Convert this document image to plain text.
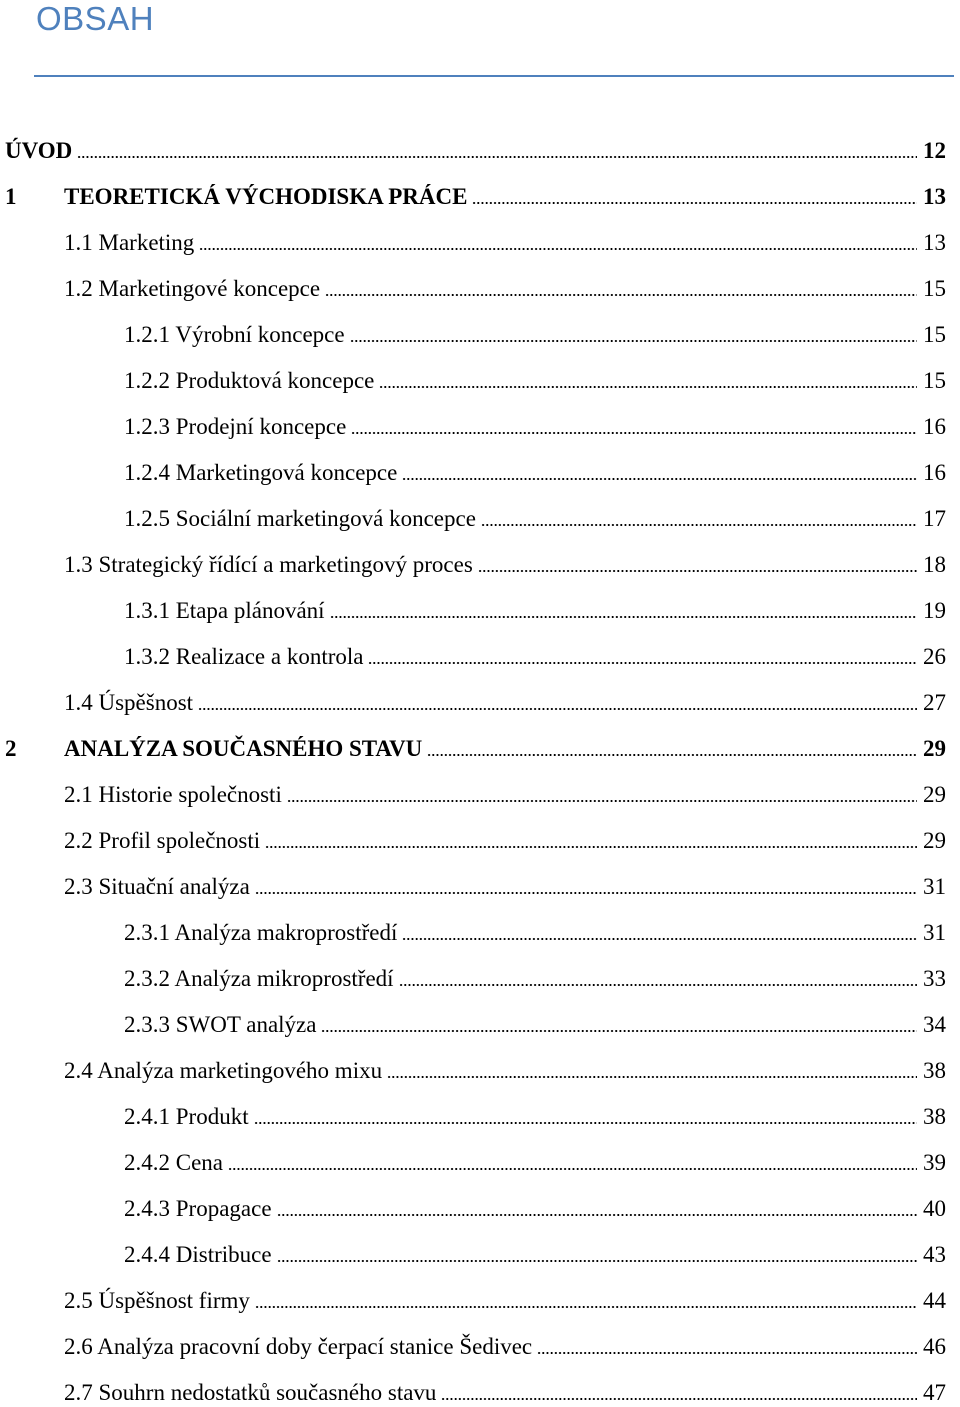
OBSAH
ÚVOD	12
1	TEORETICKÁ VÝCHODISKA PRÁCE	13
1.1 Marketing	13
1.2 Marketingové koncepce	15
1.2.1 Výrobní koncepce	15
1.2.2 Produktová koncepce	15
1.2.3 Prodejní koncepce	16
1.2.4 Marketingová koncepce	16
1.2.5 Sociální marketingová koncepce	17
1.3 Strategický řídící a marketingový proces	18
1.3.1 Etapa plánování	19
1.3.2 Realizace a kontrola	26
1.4 Úspěšnost	27
2	ANALÝZA SOUČASNÉHO STAVU	29
2.1 Historie společnosti	29
2.2 Profil společnosti	29
2.3 Situační analýza	31
2.3.1 Analýza makroprostředí	31
2.3.2 Analýza mikroprostředí	33
2.3.3 SWOT analýza	34
2.4 Analýza marketingového mixu	38
2.4.1 Produkt	38
2.4.2 Cena	39
2.4.3 Propagace	40
2.4.4 Distribuce	43
2.5 Úspěšnost firmy	44
2.6 Analýza pracovní doby čerpací stanice Šedivec	46
2.7 Souhrn nedostatků současného stavu	47
